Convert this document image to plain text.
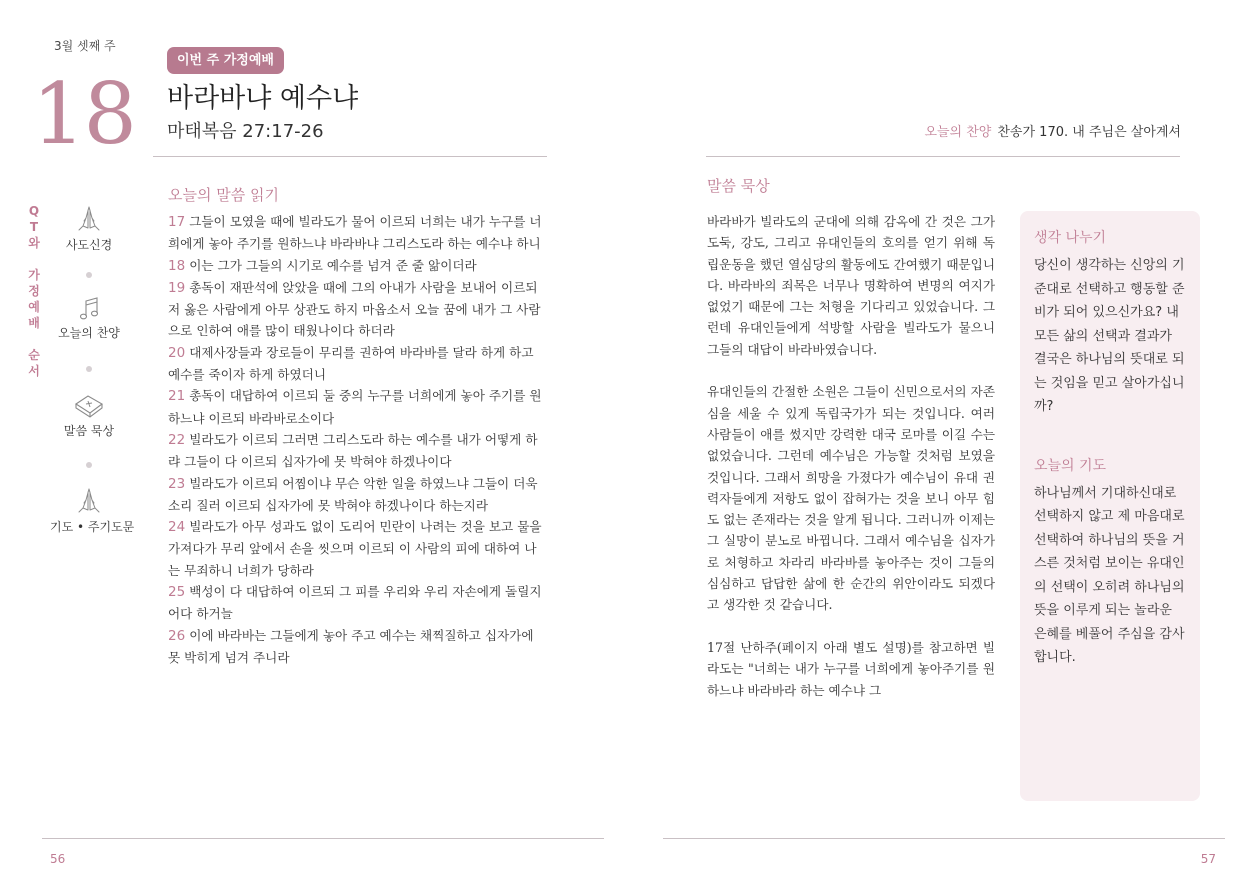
3월 셋째 주
18
이번 주 가정예배
바라바냐 예수냐
마태복음 27:17-26
Q
T
와
가
정
예
배
순
서
사도신경
오늘의 찬양
말씀 묵상
기도 • 주기도문
오늘의 말씀 읽기
17 그들이 모였을 때에 빌라도가 물어 이르되 너희는 내가 누구를 너희에게 놓아 주기를 원하느냐 바라바냐 그리스도라 하는 예수냐 하니
18 이는 그가 그들의 시기로 예수를 넘겨 준 줄 앎이더라
19 총독이 재판석에 앉았을 때에 그의 아내가 사람을 보내어 이르되 저 옳은 사람에게 아무 상관도 하지 마옵소서 오늘 꿈에 내가 그 사람으로 인하여 애를 많이 태웠나이다 하더라
20 대제사장들과 장로들이 무리를 권하여 바라바를 달라 하게 하고 예수를 죽이자 하게 하였더니
21 총독이 대답하여 이르되 둘 중의 누구를 너희에게 놓아 주기를 원하느냐 이르되 바라바로소이다
22 빌라도가 이르되 그러면 그리스도라 하는 예수를 내가 어떻게 하랴 그들이 다 이르되 십자가에 못 박혀야 하겠나이다
23 빌라도가 이르되 어찜이냐 무슨 악한 일을 하였느냐 그들이 더욱 소리 질러 이르되 십자가에 못 박혀야 하겠나이다 하는지라
24 빌라도가 아무 성과도 없이 도리어 민란이 나려는 것을 보고 물을 가져다가 무리 앞에서 손을 씻으며 이르되 이 사람의 피에 대하여 나는 무죄하니 너희가 당하라
25 백성이 다 대답하여 이르되 그 피를 우리와 우리 자손에게 돌릴지어다 하거늘
26 이에 바라바는 그들에게 놓아 주고 예수는 채찍질하고 십자가에 못 박히게 넘겨 주니라
56
오늘의 찬양 찬송가 170. 내 주님은 살아계셔
말씀 묵상

바라바가 빌라도의 군대에 의해 감옥에 간 것은 그가 도둑, 강도, 그리고 유대인들의 호의를 얻기 위해 독립운동을 했던 열심당의 활동에도 간여했기 때문입니다. 바라바의 죄목은 너무나 명확하여 변명의 여지가 없었기 때문에 그는 처형을 기다리고 있었습니다. 그런데 유대인들에게 석방할 사람을 빌라도가 물으니 그들의 대답이 바라바였습니다.

유대인들의 간절한 소원은 그들이 신민으로서의 자존심을 세울 수 있게 독립국가가 되는 것입니다. 여러 사람들이 애를 썼지만 강력한 대국 로마를 이길 수는 없었습니다. 그런데 예수님은 가능할 것처럼 보였을 것입니다. 그래서 희망을 가졌다가 예수님이 유대 권력자들에게 저항도 없이 잡혀가는 것을 보니 아무 힘도 없는 존재라는 것을 알게 됩니다. 그러니까 이제는 그 실망이 분노로 바뀝니다. 그래서 예수님을 십자가로 처형하고 차라리 바라바를 놓아주는 것이 그들의 심심하고 답답한 삶에 한 순간의 위안이라도 되겠다고 생각한 것 같습니다.

17절 난하주(페이지 아래 별도 설명)를 참고하면 빌라도는 "너희는 내가 누구를 너희에게 놓아주기를 원하느냐 바라바라 하는 예수냐 그

생각 나누기
당신이 생각하는 신앙의 기준대로 선택하고 행동할 준비가 되어 있으신가요? 내 모든 삶의 선택과 결과가 결국은 하나님의 뜻대로 되는 것임을 믿고 살아가십니까?
오늘의 기도
하나님께서 기대하신대로 선택하지 않고 제 마음대로 선택하여 하나님의 뜻을 거스른 것처럼 보이는 유대인의 선택이 오히려 하나님의 뜻을 이루게 되는 놀라운 은혜를 베풀어 주심을 감사합니다.
57
